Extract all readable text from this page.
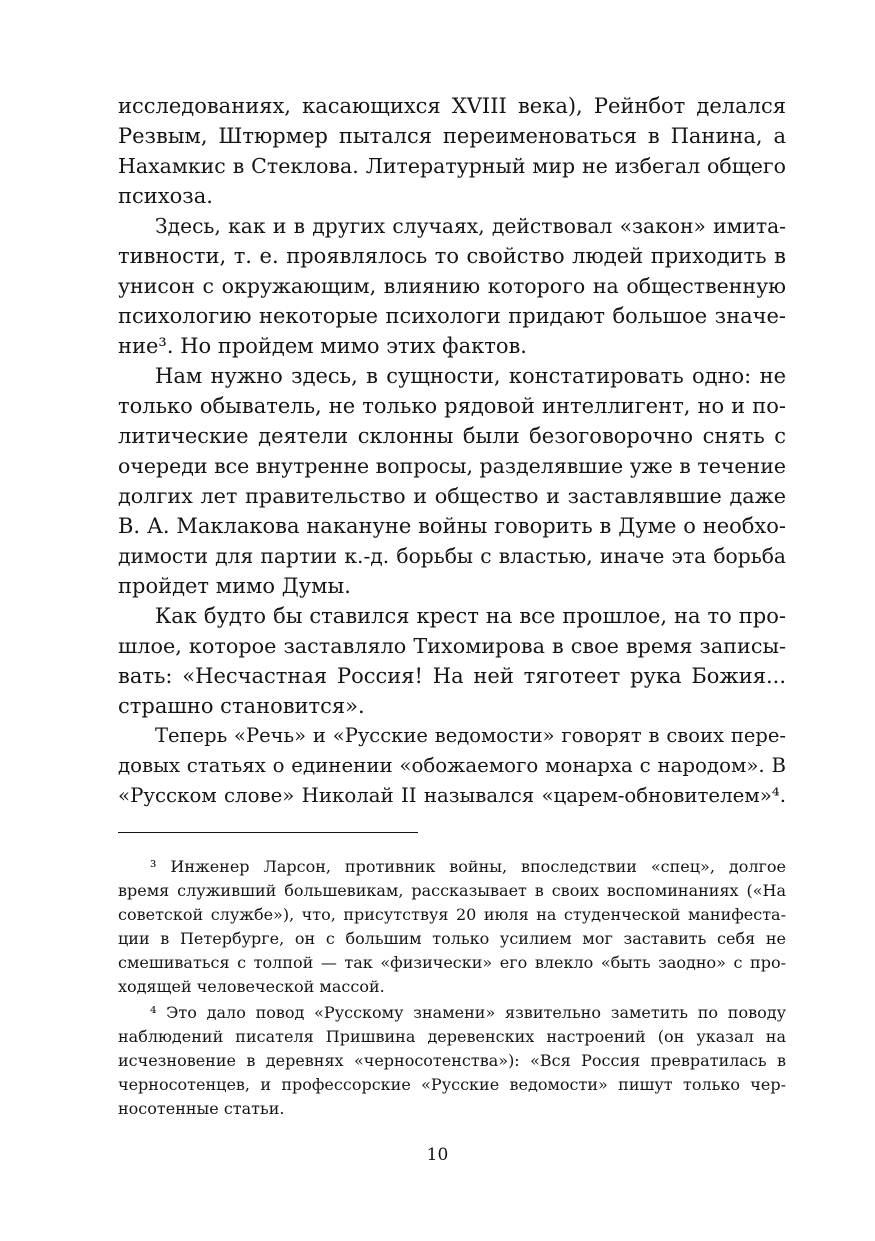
исследованиях, касающихся XVIII века), Рейнбот делался
Резвым, Штюрмер пытался переименоваться в Панина, а
Нахамкис в Стеклова. Литературный мир не избегал общего
психоза.
Здесь, как и в других случаях, действовал «закон» имита-
тивности, т. е. проявлялось то свойство людей приходить в
унисон с окружающим, влиянию которого на общественную
психологию некоторые психологи придают большое значе-
ние³. Но пройдем мимо этих фактов.
Нам нужно здесь, в сущности, констатировать одно: не
только обыватель, не только рядовой интеллигент, но и по-
литические деятели склонны были безоговорочно снять с
очереди все внутренне вопросы, разделявшие уже в течение
долгих лет правительство и общество и заставлявшие даже
В. А. Маклакова накануне войны говорить в Думе о необхо-
димости для партии к.-д. борьбы с властью, иначе эта борьба
пройдет мимо Думы.
Как будто бы ставился крест на все прошлое, на то про-
шлое, которое заставляло Тихомирова в свое время записы-
вать: «Несчастная Россия! На ней тяготеет рука Божия...
страшно становится».
Теперь «Речь» и «Русские ведомости» говорят в своих пере-
довых статьях о единении «обожаемого монарха с народом». В
«Русском слове» Николай II назывался «царем-обновителем»⁴.
³ Инженер Ларсон, противник войны, впоследствии «спец», долгое
время служивший большевикам, рассказывает в своих воспоминаниях («На
советской службе»), что, присутствуя 20 июля на студенческой манифеста-
ции в Петербурге, он с большим только усилием мог заставить себя не
смешиваться с толпой — так «физически» его влекло «быть заодно» с про-
ходящей человеческой массой.
⁴ Это дало повод «Русскому знамени» язвительно заметить по поводу
наблюдений писателя Пришвина деревенских настроений (он указал на
исчезновение в деревнях «черносотенства»): «Вся Россия превратилась в
черносотенцев, и профессорские «Русские ведомости» пишут только чер-
носотенные статьи.
10
